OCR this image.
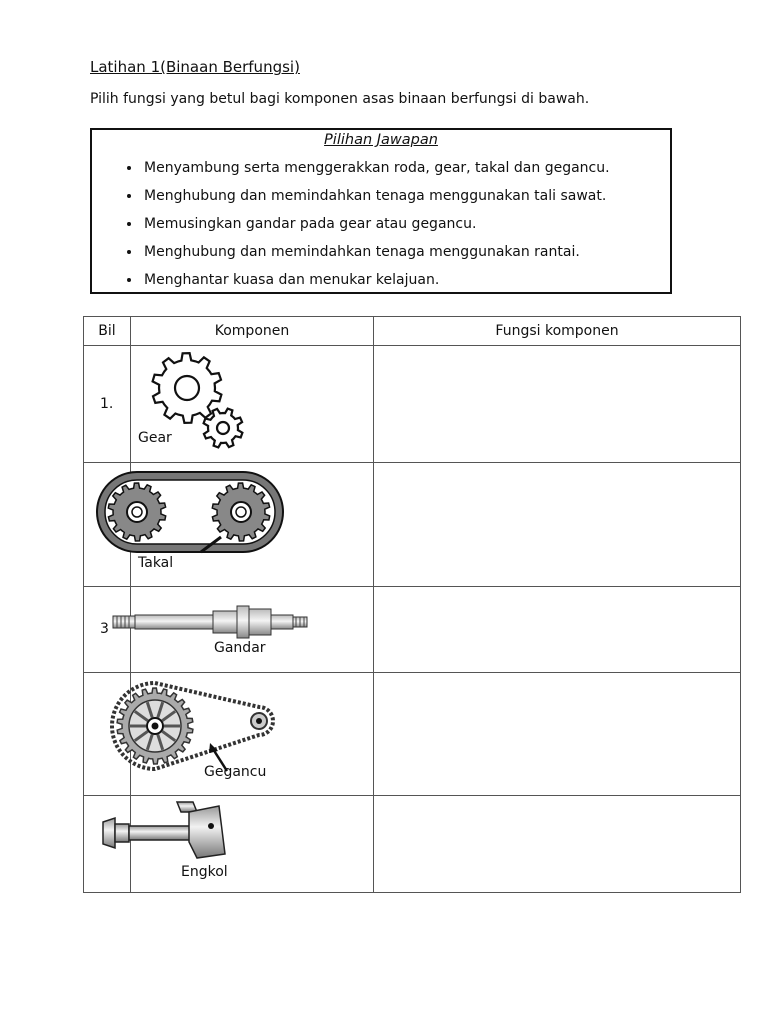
Latihan 1(Binaan Berfungsi)
Pilih fungsi yang betul bagi komponen asas binaan berfungsi di bawah.
Pilihan Jawapan
• Menyambung serta menggerakkan roda, gear, takal dan gegancu.
• Menghubung dan memindahkan tenaga menggunakan tali sawat.
• Memusingkan gandar pada gear atau gegancu.
• Menghubung dan memindahkan tenaga menggunakan rantai.
• Menghantar kuasa dan menukar kelajuan.
Bil	Komponen	Fungsi komponen

1.	Gear	

	Takal	

3	Gandar	

	Gegancu	

	Engkol	
